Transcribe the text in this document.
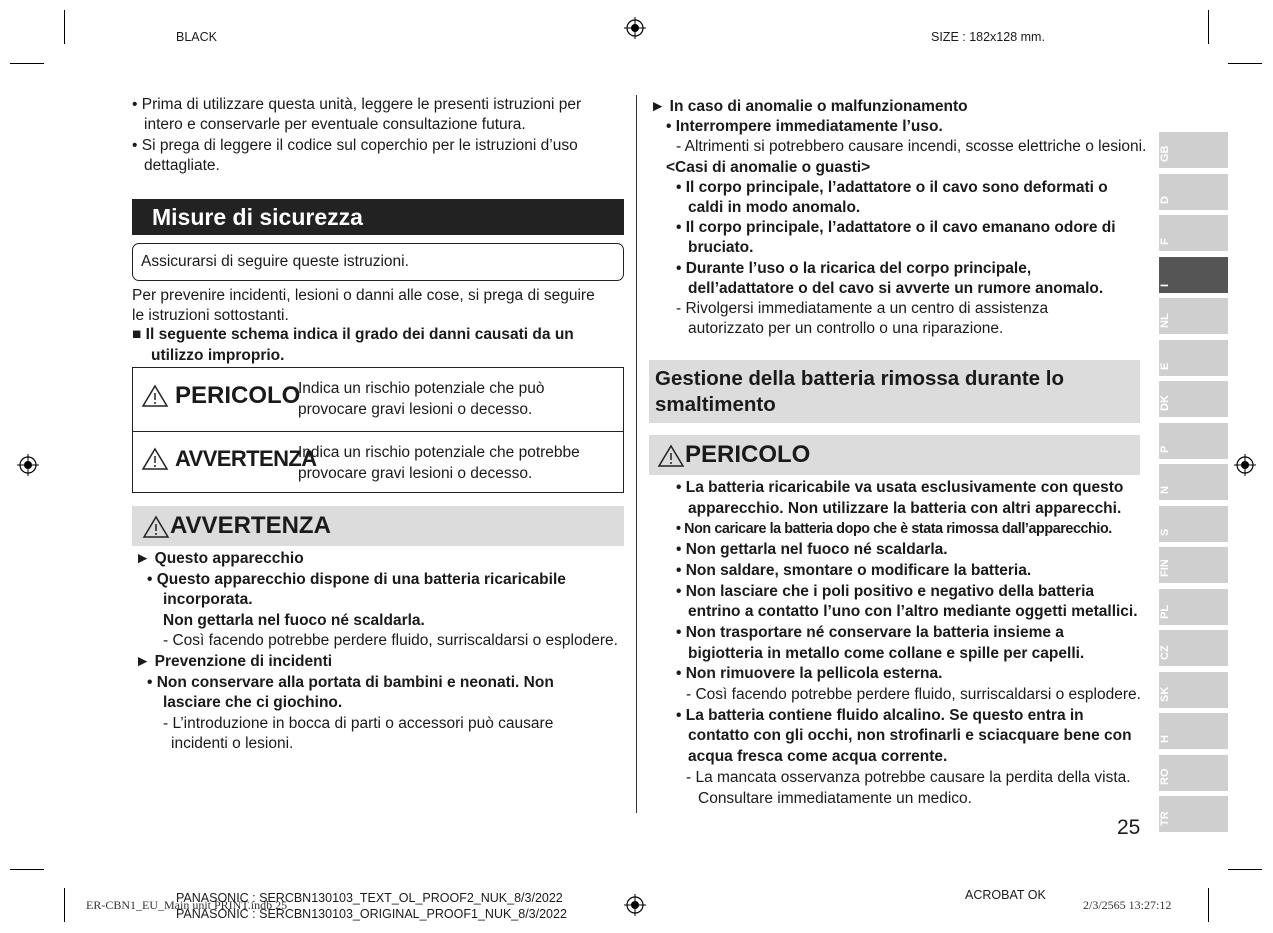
BLACK	SIZE : 182x128 mm.
• Prima di utilizzare questa unità, leggere le presenti istruzioni per
intero e conservarle per eventuale consultazione futura.
• Si prega di leggere il codice sul coperchio per le istruzioni d’uso
dettagliate.
Misure di sicurezza
Assicurarsi di seguire queste istruzioni.

Per prevenire incidenti, lesioni o danni alle cose, si prega di seguire

le istruzioni sottostanti.

■ Il seguente schema indica il grado dei danni causati da un

utilizzo improprio.

PERICOLO
Indica un rischio potenziale che può
provocare gravi lesioni o decesso.
AVVERTENZA
Indica un rischio potenziale che potrebbe
provocare gravi lesioni o decesso.
AVVERTENZA
► Questo apparecchio
• Questo apparecchio dispone di una batteria ricaricabile
incorporata.
Non gettarla nel fuoco né scaldarla.
- Così facendo potrebbe perdere fluido, surriscaldarsi o esplodere.
► Prevenzione di incidenti
• Non conservare alla portata di bambini e neonati. Non
lasciare che ci giochino.
- L’introduzione in bocca di parti o accessori può causare
incidenti o lesioni.
► In caso di anomalie o malfunzionamento
• Interrompere immediatamente l’uso.
- Altrimenti si potrebbero causare incendi, scosse elettriche o lesioni.
<Casi di anomalie o guasti>
• Il corpo principale, l’adattatore o il cavo sono deformati o
caldi in modo anomalo.
• Il corpo principale, l’adattatore o il cavo emanano odore di
bruciato.
• Durante l’uso o la ricarica del corpo principale,
dell’adattatore o del cavo si avverte un rumore anomalo.
- Rivolgersi immediatamente a un centro di assistenza
autorizzato per un controllo o una riparazione.
Gestione della batteria rimossa durante lo
smaltimento
PERICOLO
• La batteria ricaricabile va usata esclusivamente con questo
apparecchio. Non utilizzare la batteria con altri apparecchi.
• Non caricare la batteria dopo che è stata rimossa dall’apparecchio.
• Non gettarla nel fuoco né scaldarla.
• Non saldare, smontare o modificare la batteria.
• Non lasciare che i poli positivo e negativo della batteria
entrino a contatto l’uno con l’altro mediante oggetti metallici.
• Non trasportare né conservare la batteria insieme a
bigiotteria in metallo come collane e spille per capelli.
• Non rimuovere la pellicola esterna.
- Così facendo potrebbe perdere fluido, surriscaldarsi o esplodere.
• La batteria contiene fluido alcalino. Se questo entra in
contatto con gli occhi, non strofinarli e sciacquare bene con
acqua fresca come acqua corrente.
- La mancata osservanza potrebbe causare la perdita della vista.
Consultare immediatamente un medico.
25
GB
D
F
I
NL
E
DK
P
N
S
FIN
PL
CZ
SK
H
RO
TR
ER-CBN1_EU_Main unit PRINT.indb 25
PANASONIC : SERCBN130103_TEXT_OL_PROOF2_NUK_8/3/2022
PANASONIC : SERCBN130103_ORIGINAL_PROOF1_NUK_8/3/2022
ACROBAT OK
2/3/2565 13:27:12
